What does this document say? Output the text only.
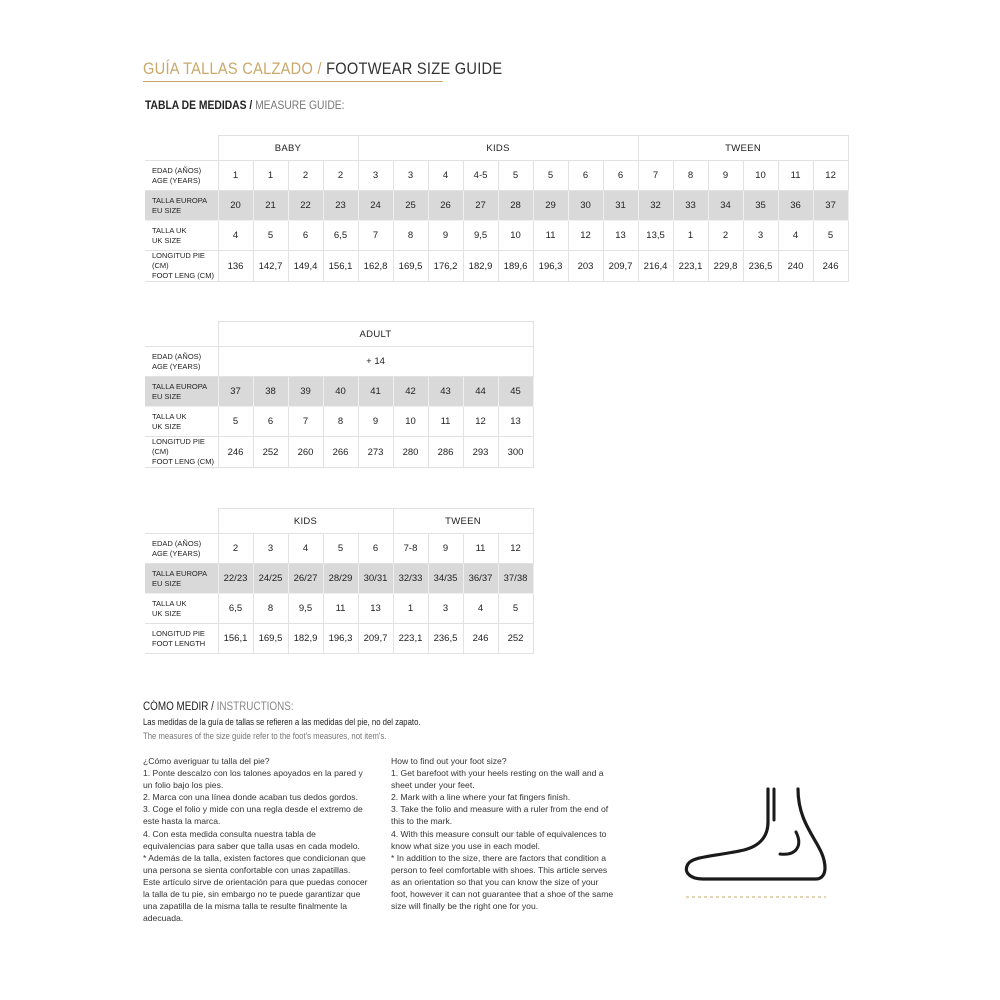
GUÍA TALLAS CALZADO / FOOTWEAR SIZE GUIDE
TABLA DE MEDIDAS / MEASURE GUIDE:
	BABY				KIDS								TWEEN					

EDAD (AÑOS)
AGE (YEARS)	1	1	2	2	3	3	4	4-5	5	5	6	6	7	8	9	10	11	12

TALLA EUROPA
EU SIZE	20	21	22	23	24	25	26	27	28	29	30	31	32	33	34	35	36	37

TALLA UK
UK SIZE	4	5	6	6,5	7	8	9	9,5	10	11	12	13	13,5	1	2	3	4	5

LONGITUD PIE (CM)
FOOT LENG (CM)	136	142,7	149,4	156,1	162,8	169,5	176,2	182,9	189,6	196,3	203	209,7	216,4	223,1	229,8	236,5	240	246
	ADULT								

EDAD (AÑOS)
AGE (YEARS)	+ 14								

TALLA EUROPA
EU SIZE	37	38	39	40	41	42	43	44	45

TALLA UK
UK SIZE	5	6	7	8	9	10	11	12	13

LONGITUD PIE (CM)
FOOT LENG (CM)	246	252	260	266	273	280	286	293	300
	KIDS					TWEEN			

EDAD (AÑOS)
AGE (YEARS)	2	3	4	5	6	7-8	9	11	12

TALLA EUROPA
EU SIZE	22/23	24/25	26/27	28/29	30/31	32/33	34/35	36/37	37/38

TALLA UK
UK SIZE	6,5	8	9,5	11	13	1	3	4	5

LONGITUD PIE
FOOT LENGTH	156,1	169,5	182,9	196,3	209,7	223,1	236,5	246	252
CÓMO MEDIR / INSTRUCTIONS:
Las medidas de la guía de tallas se refieren a las medidas del pie, no del zapato.
The measures of the size guide refer to the foot's measures, not item's.

¿Cómo averiguar tu talla del pie?

1. Ponte descalzo con los talones apoyados en la pared y un folio bajo los pies.

2. Marca con una línea donde acaban tus dedos gordos.

3. Coge el folio y mide con una regla desde el extremo de este hasta la marca.

4. Con esta medida consulta nuestra tabla de equivalencias para saber que talla usas en cada modelo.

* Además de la talla, existen factores que condicionan que una persona se sienta confortable con unas zapatillas. Este artículo sirve de orientación para que puedas conocer la talla de tu pie, sin embargo no te puede garantizar que una zapatilla de la misma talla te resulte finalmente la adecuada.

How to find out your foot size?

1. Get barefoot with your heels resting on the wall and a sheet under your feet.

2. Mark with a line where your fat fingers finish.

3. Take the folio and measure with a ruler from the end of this to the mark.

4. With this measure consult our table of equivalences to know what size you use in each model.

* In addition to the size, there are factors that condition a person to feel comfortable with shoes. This article serves as an orientation so that you can know the size of your foot, however it can not guarantee that a shoe of the same size will finally be the right one for you.
